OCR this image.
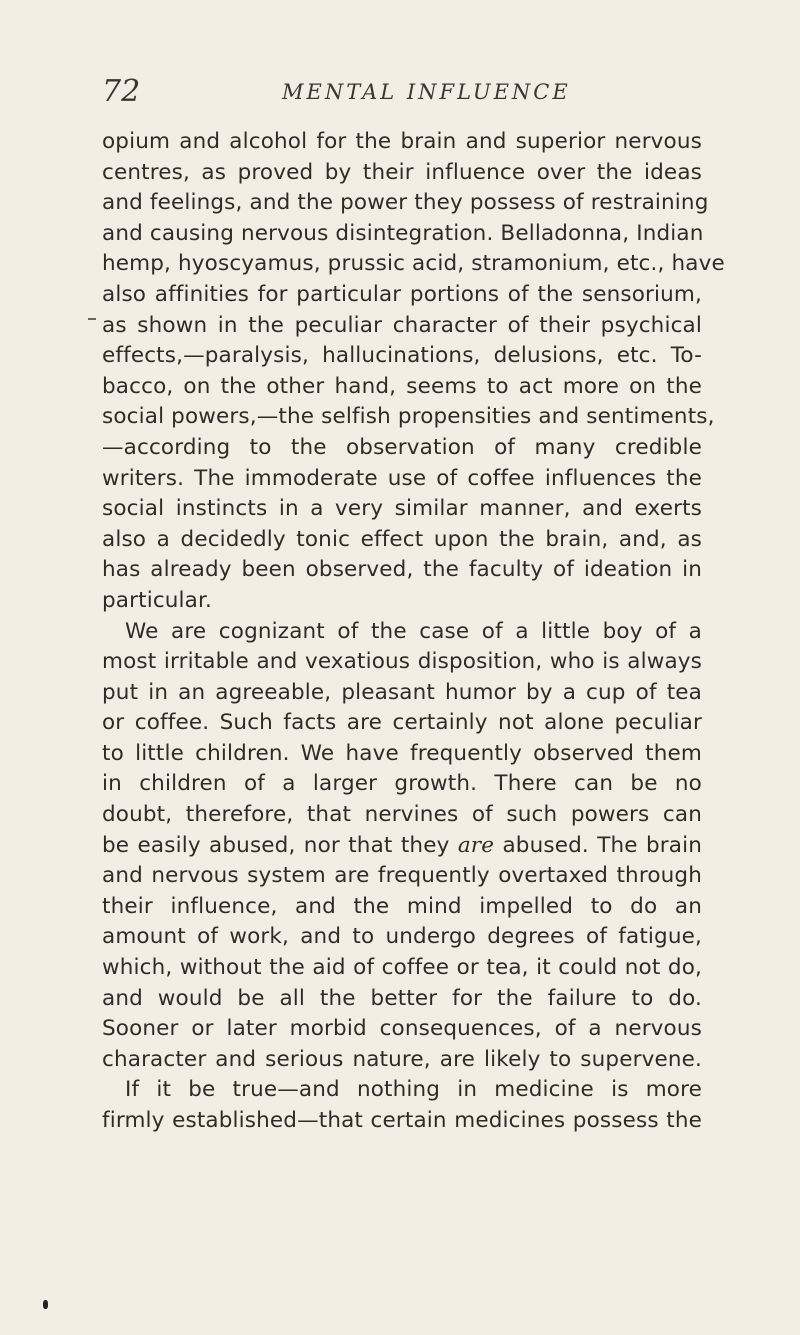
72	MENTAL INFLUENCE
opium and alcohol for the brain and superior nervous
centres, as proved by their influence over the ideas
and feelings, and the power they possess of restraining
and causing nervous disintegration. Belladonna, Indian
hemp, hyoscyamus, prussic acid, stramonium, etc., have
also affinities for particular portions of the sensorium,
as shown in the peculiar character of their psychical
effects,—paralysis, hallucinations, delusions, etc. To-
bacco, on the other hand, seems to act more on the
social powers,—the selfish propensities and sentiments,
—according to the observation of many credible
writers. The immoderate use of coffee influences the
social instincts in a very similar manner, and exerts
also a decidedly tonic effect upon the brain, and, as
has already been observed, the faculty of ideation in
particular.
We are cognizant of the case of a little boy of a
most irritable and vexatious disposition, who is always
put in an agreeable, pleasant humor by a cup of tea
or coffee. Such facts are certainly not alone peculiar
to little children. We have frequently observed them
in children of a larger growth. There can be no
doubt, therefore, that nervines of such powers can
be easily abused, nor that they are abused. The brain
and nervous system are frequently overtaxed through
their influence, and the mind impelled to do an
amount of work, and to undergo degrees of fatigue,
which, without the aid of coffee or tea, it could not do,
and would be all the better for the failure to do.
Sooner or later morbid consequences, of a nervous
character and serious nature, are likely to supervene.
If it be true—and nothing in medicine is more
firmly established—that certain medicines possess the
